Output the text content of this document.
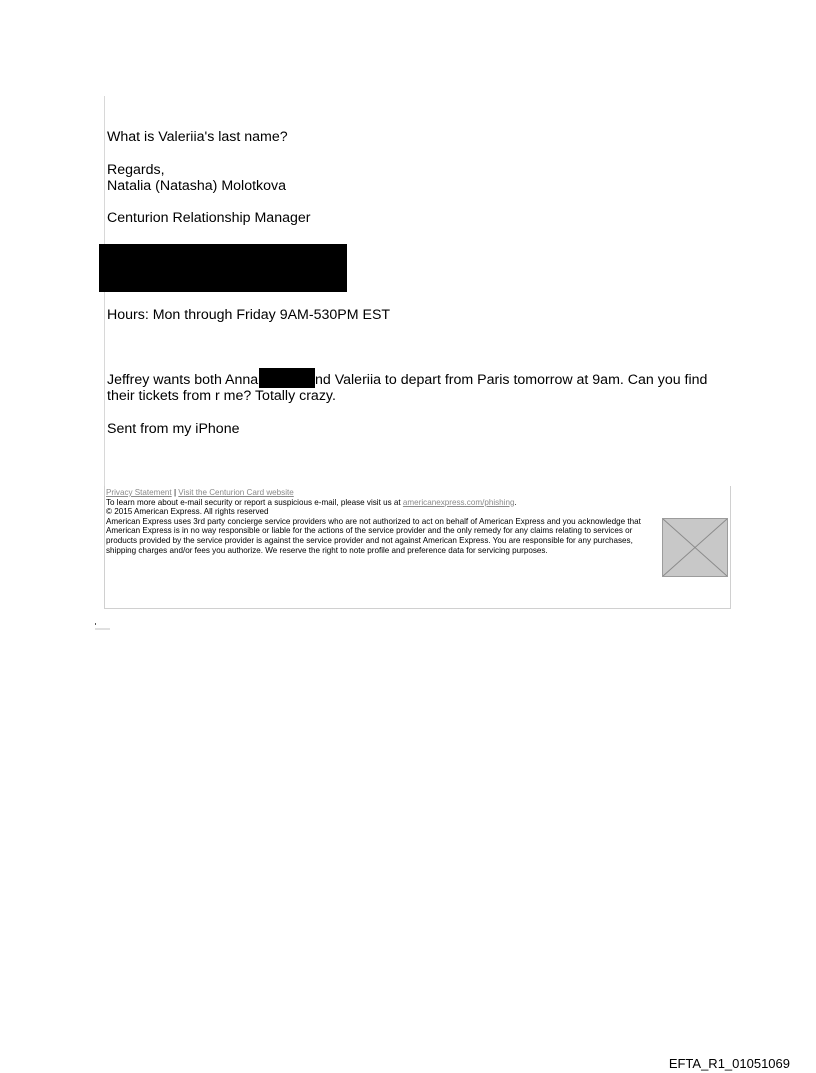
What is Valeriia's last name?
Regards,
Natalia (Natasha) Molotkova
Centurion Relationship Manager
Hours: Mon through Friday 9AM-530PM EST
Jeffrey wants both Anna	nd Valeriia to depart from Paris tomorrow at 9am. Can you find
their tickets from r me? Totally crazy.
Sent from my iPhone
Privacy Statement | Visit the Centurion Card website
To learn more about e-mail security or report a suspicious e-mail, please visit us at americanexpress.com/phishing.
© 2015 American Express. All rights reserved
American Express uses 3rd party concierge service providers who are not authorized to act on behalf of American Express and you acknowledge that American Express is in no way responsible or liable for the actions of the service provider and the only remedy for any claims relating to services or products provided by the service provider is against the service provider and not against American Express. You are responsible for any purchases, shipping charges and/or fees you authorize. We reserve the right to note profile and preference data for servicing purposes.
EFTA_R1_01051069
